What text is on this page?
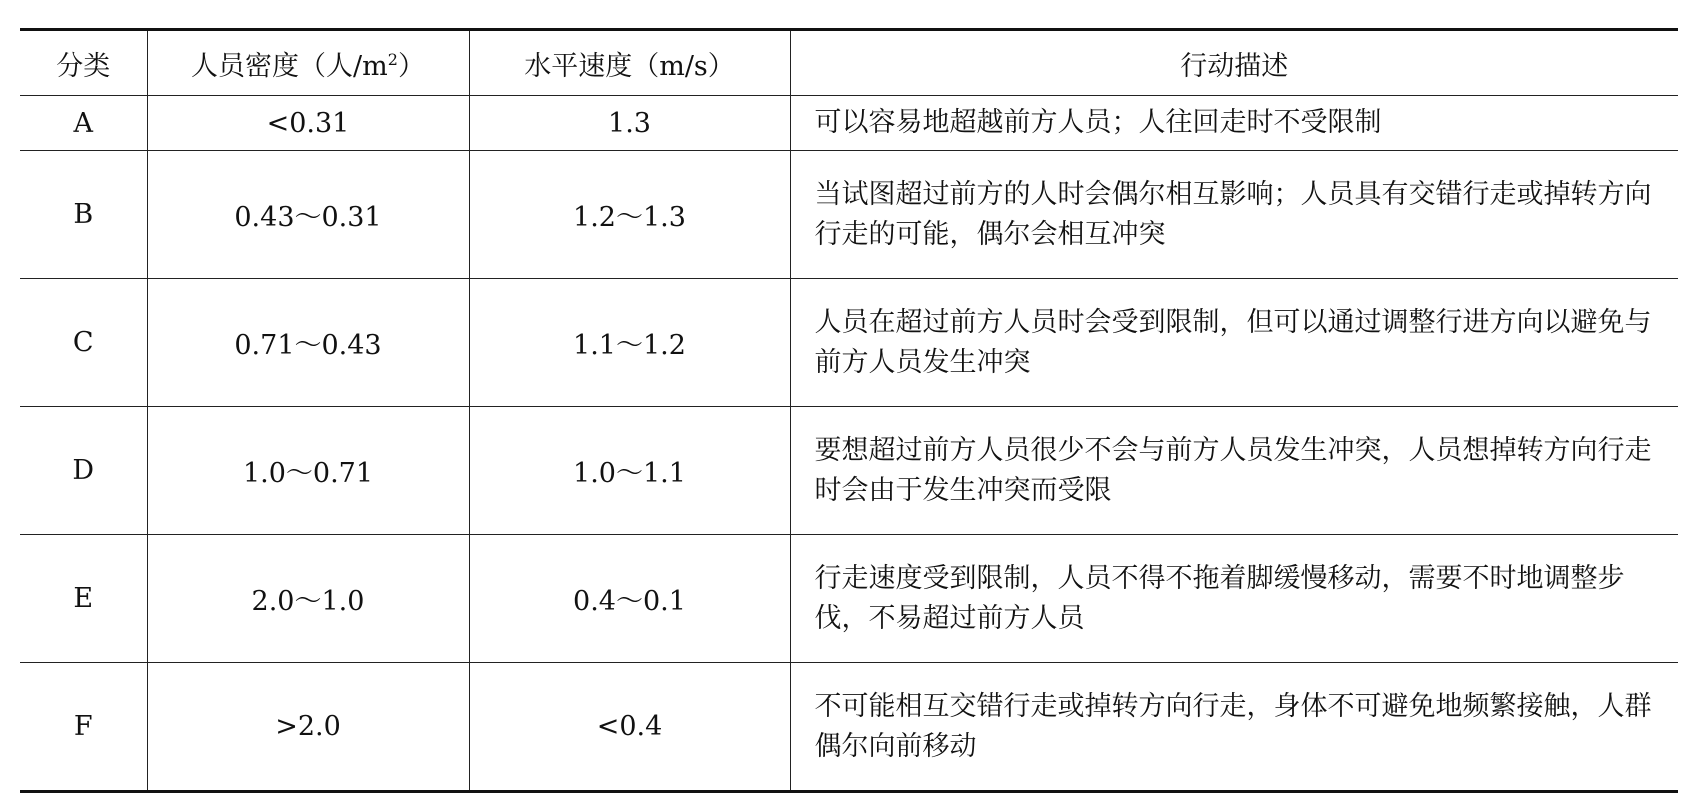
分类	人员密度（人$/m^2$）	水平速度（m/s）	行动描述
A	<0.31	1.3	可以容易地超越前方人员；人往回走时不受限制
B	0.43～0.31	1.2～1.3	当试图超过前方的人时会偶尔相互影响；人员具有交错行走或掉转方向行走的可能，偶尔会相互冲突
C	0.71～0.43	1.1～1.2	人员在超过前方人员时会受到限制，但可以通过调整行进方向以避免与前方人员发生冲突
D	1.0～0.71	1.0～1.1	要想超过前方人员很少不会与前方人员发生冲突，人员想掉转方向行走时会由于发生冲突而受限
E	2.0～1.0	0.4～0.1	行走速度受到限制，人员不得不拖着脚缓慢移动，需要不时地调整步伐，不易超过前方人员
F	>2.0	<0.4	不可能相互交错行走或掉转方向行走，身体不可避免地频繁接触，人群偶尔向前移动
